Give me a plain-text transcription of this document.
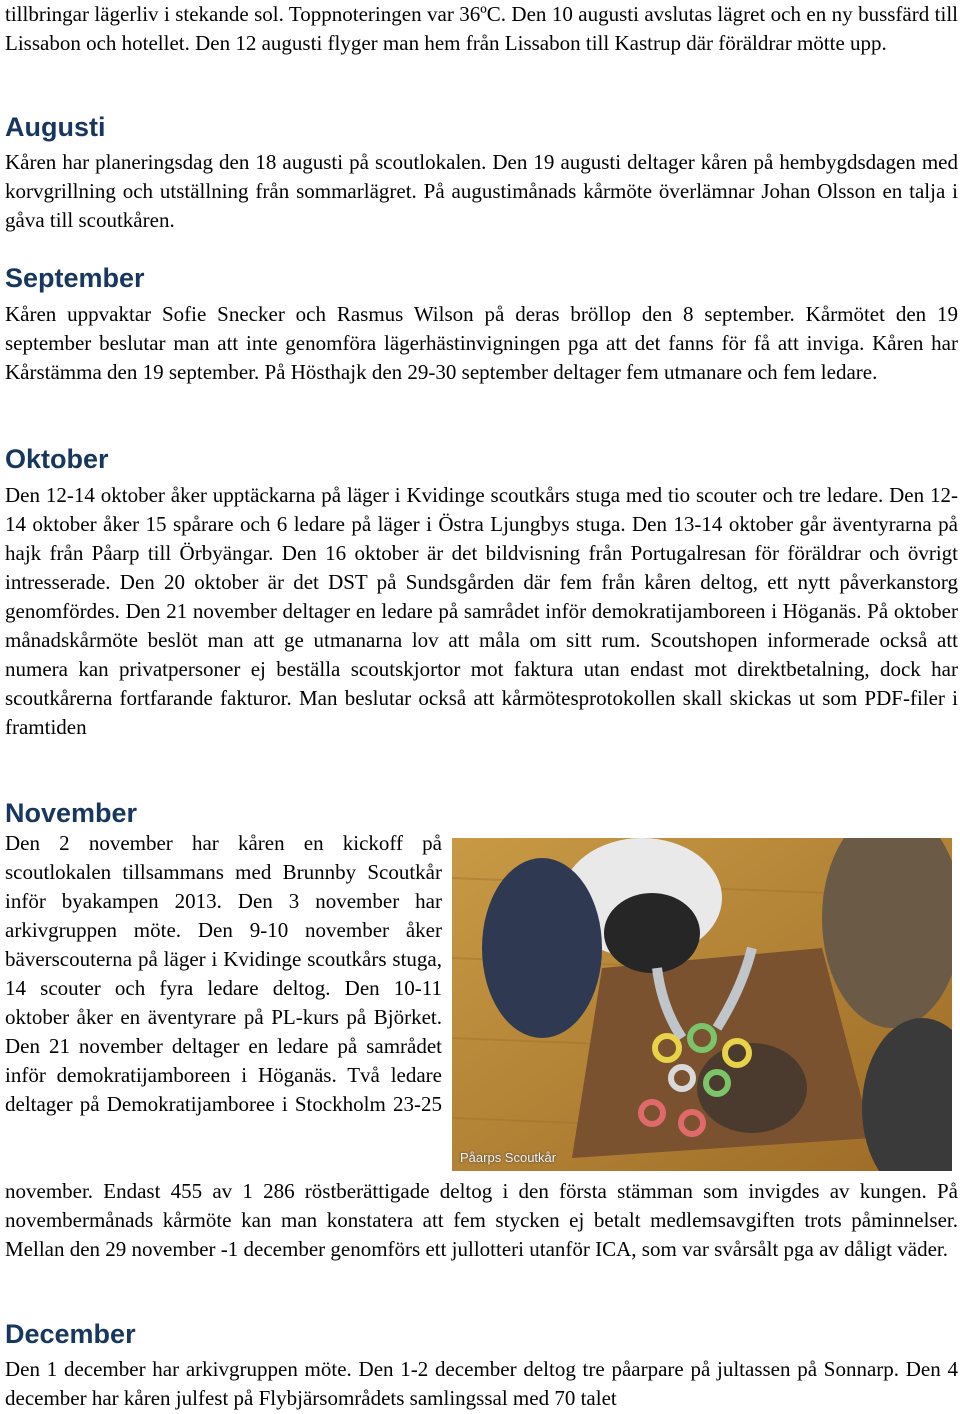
tillbringar lägerliv i stekande sol. Toppnoteringen var 36ºC. Den 10 augusti avslutas lägret och en ny bussfärd till Lissabon och hotellet. Den 12 augusti flyger man hem från Lissabon till Kastrup där föräldrar mötte upp.

Augusti

Kåren har planeringsdag den 18 augusti på scoutlokalen. Den 19 augusti deltager kåren på hembygdsdagen med korvgrillning och utställning från sommarlägret. På augustimånads kårmöte överlämnar Johan Olsson en talja i gåva till scoutkåren.

September

Kåren uppvaktar Sofie Snecker och Rasmus Wilson på deras bröllop den 8 september. Kårmötet den 19 september beslutar man att inte genomföra lägerhästinvigningen pga att det fanns för få att inviga. Kåren har Kårstämma den 19 september. På Hösthajk den 29-30 september deltager fem utmanare och fem ledare.

Oktober

Den 12-14 oktober åker upptäckarna på läger i Kvidinge scoutkårs stuga med tio scouter och tre ledare. Den 12-14 oktober åker 15 spårare och 6 ledare på läger i Östra Ljungbys stuga. Den 13-14 oktober går äventyrarna på hajk från Påarp till Örbyängar. Den 16 oktober är det bildvisning från Portugalresan för föräldrar och övrigt intresserade. Den 20 oktober är det DST på Sundsgården där fem från kåren deltog, ett nytt påverkanstorg genomfördes. Den 21 november deltager en ledare på samrådet inför demokratijamboreen i Höganäs. På oktober månadskårmöte beslöt man att ge utmanarna lov att måla om sitt rum. Scoutshopen informerade också att numera kan privatpersoner ej beställa scoutskjortor mot faktura utan endast mot direktbetalning, dock har scoutkårerna fortfarande fakturor. Man beslutar också att kårmötesprotokollen skall skickas ut som PDF-filer i framtiden

November

Den 2 november har kåren en kickoff på scoutlokalen tillsammans med Brunnby Scoutkår inför byakampen 2013. Den 3 november har arkivgruppen möte. Den 9-10 november åker bäverscouterna på läger i Kvidinge scoutkårs stuga, 14 scouter och fyra ledare deltog. Den 10-11 oktober åker en äventyrare på PL-kurs på Björket. Den 21 november deltager en ledare på samrådet inför demokratijamboreen i Höganäs. Två ledare deltager på Demokratijamboree i Stockholm 23-25

november. Endast 455 av 1 286 röstberättigade deltog i den första stämman som invigdes av kungen. På novembermånads kårmöte kan man konstatera att fem stycken ej betalt medlemsavgiften trots påminnelser. Mellan den 29 november -1 december genomförs ett jullotteri utanför ICA, som var svårsålt pga av dåligt väder.

December

Den 1 december har arkivgruppen möte. Den 1-2 december deltog tre påarpare på jultassen på Sonnarp. Den 4 december har kåren julfest på Flybjärsområdets samlingssal med 70 talet

Påarps Scoutkår
